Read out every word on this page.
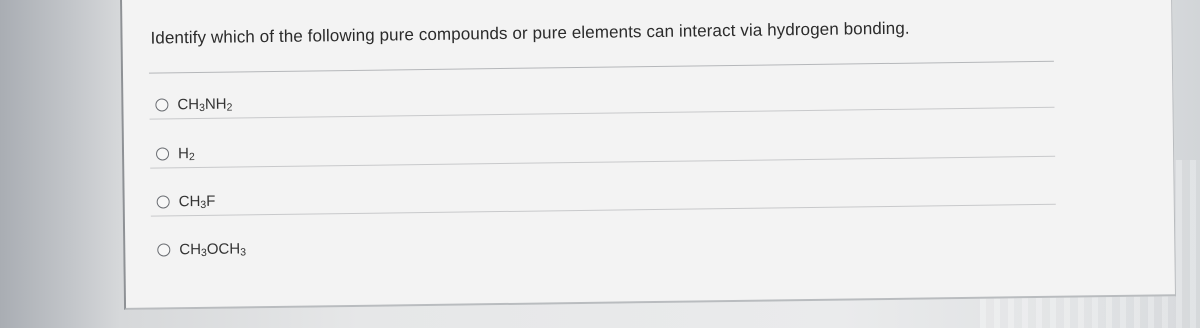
Identify which of the following pure compounds or pure elements can interact via hydrogen bonding.

$CH_3NH_2$
$H_2$
$CH_3F$
$CH_3OCH_3$
